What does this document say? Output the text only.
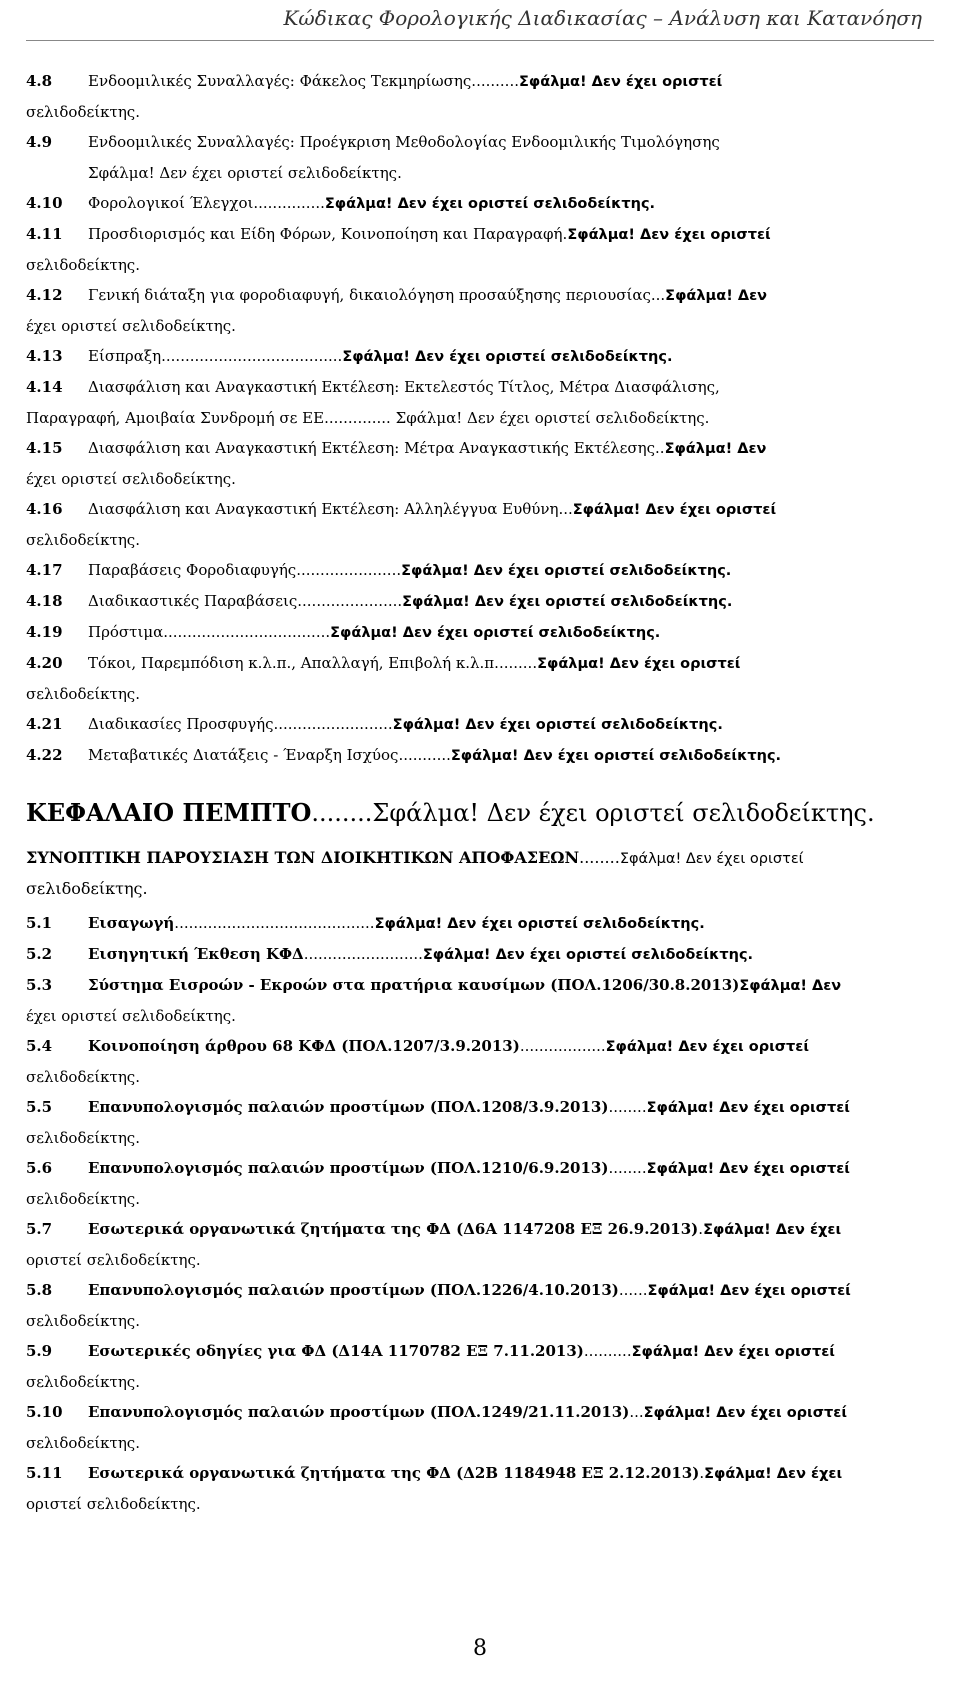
Κώδικας Φορολογικής Διαδικασίας – Ανάλυση και Κατανόηση
4.8 Ενδοομιλικές Συναλλαγές: Φάκελος Τεκμηρίωσης..........Σφάλμα! Δεν έχει οριστεί
σελιδοδείκτης.
4.9 Ενδοομιλικές Συναλλαγές: Προέγκριση Μεθοδολογίας Ενδοομιλικής Τιμολόγησης
Σφάλμα! Δεν έχει οριστεί σελιδοδείκτης.
4.10 Φορολογικοί Έλεγχοι...............Σφάλμα! Δεν έχει οριστεί σελιδοδείκτης.
4.11 Προσδιορισμός και Είδη Φόρων, Κοινοποίηση και Παραγραφή.Σφάλμα! Δεν έχει οριστεί
σελιδοδείκτης.
4.12 Γενική διάταξη για φοροδιαφυγή, δικαιολόγηση προσαύξησης περιουσίας...Σφάλμα! Δεν
έχει οριστεί σελιδοδείκτης.
4.13 Είσπραξη......................................Σφάλμα! Δεν έχει οριστεί σελιδοδείκτης.
4.14 Διασφάλιση και Αναγκαστική Εκτέλεση: Εκτελεστός Τίτλος, Μέτρα Διασφάλισης,
Παραγραφή, Αμοιβαία Συνδρομή σε ΕΕ.............. Σφάλμα! Δεν έχει οριστεί σελιδοδείκτης.
4.15 Διασφάλιση και Αναγκαστική Εκτέλεση: Μέτρα Αναγκαστικής Εκτέλεσης..Σφάλμα! Δεν
έχει οριστεί σελιδοδείκτης.
4.16 Διασφάλιση και Αναγκαστική Εκτέλεση: Αλληλέγγυα Ευθύνη...Σφάλμα! Δεν έχει οριστεί
σελιδοδείκτης.
4.17 Παραβάσεις Φοροδιαφυγής......................Σφάλμα! Δεν έχει οριστεί σελιδοδείκτης.
4.18 Διαδικαστικές Παραβάσεις......................Σφάλμα! Δεν έχει οριστεί σελιδοδείκτης.
4.19 Πρόστιμα...................................Σφάλμα! Δεν έχει οριστεί σελιδοδείκτης.
4.20 Τόκοι, Παρεμπόδιση κ.λ.π., Απαλλαγή, Επιβολή κ.λ.π.........Σφάλμα! Δεν έχει οριστεί
σελιδοδείκτης.
4.21 Διαδικασίες Προσφυγής.........................Σφάλμα! Δεν έχει οριστεί σελιδοδείκτης.
4.22 Μεταβατικές Διατάξεις - Έναρξη Ισχύος...........Σφάλμα! Δεν έχει οριστεί σελιδοδείκτης.
ΚΕΦΑΛΑΙΟ ΠΕΜΠΤΟ........Σφάλμα! Δεν έχει οριστεί σελιδοδείκτης.
ΣΥΝΟΠΤΙΚΗ ΠΑΡΟΥΣΙΑΣΗ ΤΩΝ ΔΙΟΙΚΗΤΙΚΩΝ ΑΠΟΦΑΣΕΩΝ........Σφάλμα! Δεν έχει οριστεί
σελιδοδείκτης.
5.1 Εισαγωγή..........................................Σφάλμα! Δεν έχει οριστεί σελιδοδείκτης.
5.2 Εισηγητική Έκθεση ΚΦΔ.........................Σφάλμα! Δεν έχει οριστεί σελιδοδείκτης.
5.3 Σύστημα Εισροών - Εκροών στα πρατήρια καυσίμων (ΠΟΛ.1206/30.8.2013)Σφάλμα! Δεν
έχει οριστεί σελιδοδείκτης.
5.4 Κοινοποίηση άρθρου 68 ΚΦΔ (ΠΟΛ.1207/3.9.2013)..................Σφάλμα! Δεν έχει οριστεί
σελιδοδείκτης.
5.5 Επανυπολογισμός παλαιών προστίμων (ΠΟΛ.1208/3.9.2013)........Σφάλμα! Δεν έχει οριστεί
σελιδοδείκτης.
5.6 Επανυπολογισμός παλαιών προστίμων (ΠΟΛ.1210/6.9.2013)........Σφάλμα! Δεν έχει οριστεί
σελιδοδείκτης.
5.7 Εσωτερικά οργανωτικά ζητήματα της ΦΔ (Δ6Α 1147208 ΕΞ 26.9.2013).Σφάλμα! Δεν έχει
οριστεί σελιδοδείκτης.
5.8 Επανυπολογισμός παλαιών προστίμων (ΠΟΛ.1226/4.10.2013)......Σφάλμα! Δεν έχει οριστεί
σελιδοδείκτης.
5.9 Εσωτερικές οδηγίες για ΦΔ (Δ14Α 1170782 ΕΞ 7.11.2013)..........Σφάλμα! Δεν έχει οριστεί
σελιδοδείκτης.
5.10 Επανυπολογισμός παλαιών προστίμων (ΠΟΛ.1249/21.11.2013)...Σφάλμα! Δεν έχει οριστεί
σελιδοδείκτης.
5.11 Εσωτερικά οργανωτικά ζητήματα της ΦΔ (Δ2Β 1184948 ΕΞ 2.12.2013).Σφάλμα! Δεν έχει
οριστεί σελιδοδείκτης.
8
